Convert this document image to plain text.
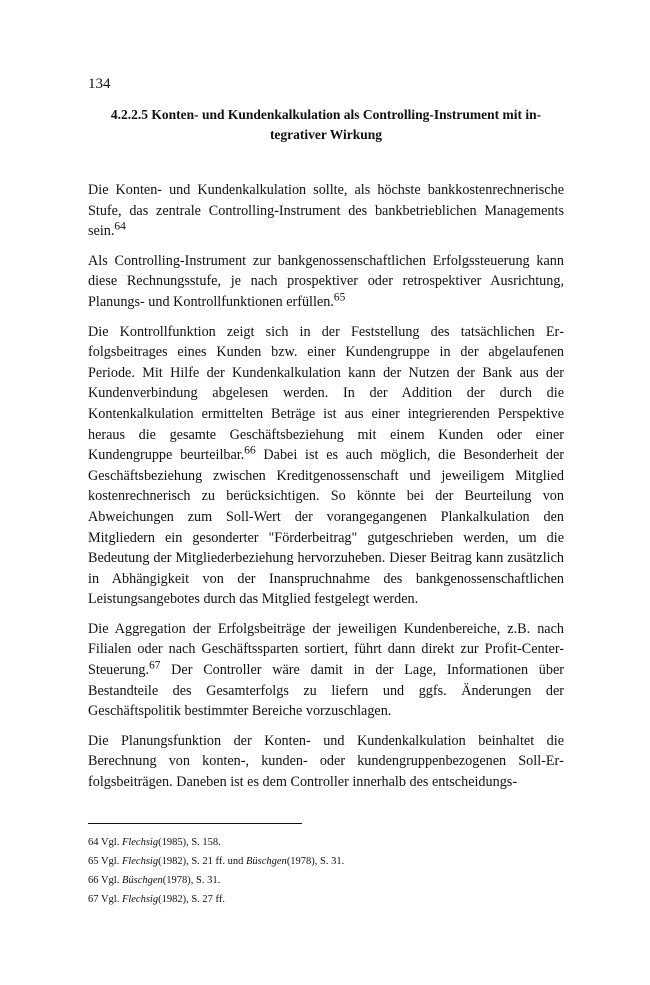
134
4.2.2.5 Konten- und Kundenkalkulation als Controlling-Instrument mit in-
tegrativer Wirkung

Die Konten- und Kundenkalkulation sollte, als höchste bankkostenrechnerische Stufe, das zentrale Controlling-Instrument des bankbetrieblichen Managements sein.$^{64}$

Als Controlling-Instrument zur bankgenossenschaftlichen Erfolgssteuerung kann diese Rechnungsstufe, je nach prospektiver oder retrospektiver Ausrichtung, Planungs- und Kontrollfunktionen erfüllen.$^{65}$

Die Kontrollfunktion zeigt sich in der Feststellung des tatsächlichen Erfolgsbeitrages eines Kunden bzw. einer Kundengruppe in der abgelaufenen Periode. Mit Hilfe der Kundenkalkulation kann der Nutzen der Bank aus der Kundenverbindung abgelesen werden. In der Addition der durch die Kontenkalkulation ermittelten Beträge ist aus einer integrierenden Perspektive heraus die gesamte Geschäftsbeziehung mit einem Kunden oder einer Kundengruppe beurteilbar.$^{66}$ Dabei ist es auch möglich, die Besonderheit der Geschäftsbeziehung zwischen Kreditgenossenschaft und jeweiligem Mitglied kostenrechnerisch zu berücksichtigen. So könnte bei der Beurteilung von Abweichungen zum Soll-Wert der vorangegangenen Plankalkulation den Mitgliedern ein gesonderter "Förderbeitrag" gutgeschrieben werden, um die Bedeutung der Mitgliederbeziehung hervorzuheben. Dieser Beitrag kann zusätzlich in Abhängigkeit von der Inanspruchnahme des bankgenossenschaftlichen Leistungsangebotes durch das Mitglied festgelegt werden.

Die Aggregation der Erfolgsbeiträge der jeweiligen Kundenbereiche, z.B. nach Filialen oder nach Geschäftssparten sortiert, führt dann direkt zur Profit-Center-Steuerung.$^{67}$ Der Controller wäre damit in der Lage, Informationen über Bestandteile des Gesamterfolgs zu liefern und ggfs. Änderungen der Geschäftspolitik bestimmter Bereiche vorzuschlagen.

Die Planungsfunktion der Konten- und Kundenkalkulation beinhaltet die Berechnung von konten-, kunden- oder kundengruppenbezogenen Soll-Erfolgsbeiträgen. Daneben ist es dem Controller innerhalb des entscheidungs-

64 Vgl. Flechsig(1985), S. 158.
65 Vgl. Flechsig(1982), S. 21 ff. und Büschgen(1978), S. 31.
66 Vgl. Büschgen(1978), S. 31.
67 Vgl. Flechsig(1982), S. 27 ff.
